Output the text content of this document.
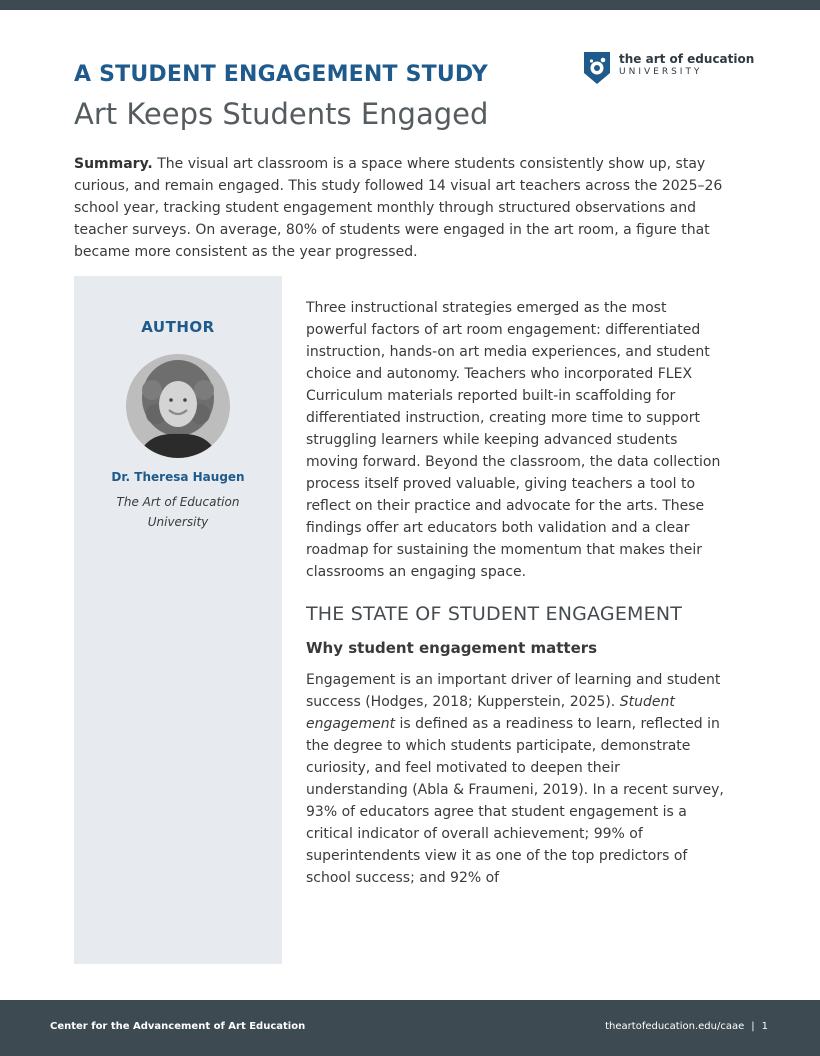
A STUDENT ENGAGEMENT STUDY
Art Keeps Students Engaged
the art of education
UNIVERSITY

Summary. The visual art classroom is a space where students consistently show up, stay curious, and remain engaged. This study followed 14 visual art teachers across the 2025–26 school year, tracking student engagement monthly through structured observations and teacher surveys. On average, 80% of students were engaged in the art room, a figure that became more consistent as the year progressed.

AUTHOR

Dr. Theresa Haugen

The Art of Education
University

Three instructional strategies emerged as the most powerful factors of art room engagement: differentiated instruction, hands-on art media experiences, and student choice and autonomy. Teachers who incorporated FLEX Curriculum materials reported built-in scaffolding for differentiated instruction, creating more time to support struggling learners while keeping advanced students moving forward. Beyond the classroom, the data collection process itself proved valuable, giving teachers a tool to reflect on their practice and advocate for the arts. These findings offer art educators both validation and a clear roadmap for sustaining the momentum that makes their classrooms an engaging space.

THE STATE OF STUDENT ENGAGEMENT
Why student engagement matters

Engagement is an important driver of learning and student success (Hodges, 2018; Kupperstein, 2025). Student engagement is defined as a readiness to learn, reflected in the degree to which students participate, demonstrate curiosity, and feel motivated to deepen their understanding (Abla & Fraumeni, 2019). In a recent survey, 93% of educators agree that student engagement is a critical indicator of overall achievement; 99% of superintendents view it as one of the top predictors of school success; and 92% of

Center for the Advancement of Art Education	theartofeducation.edu/caae | 1
